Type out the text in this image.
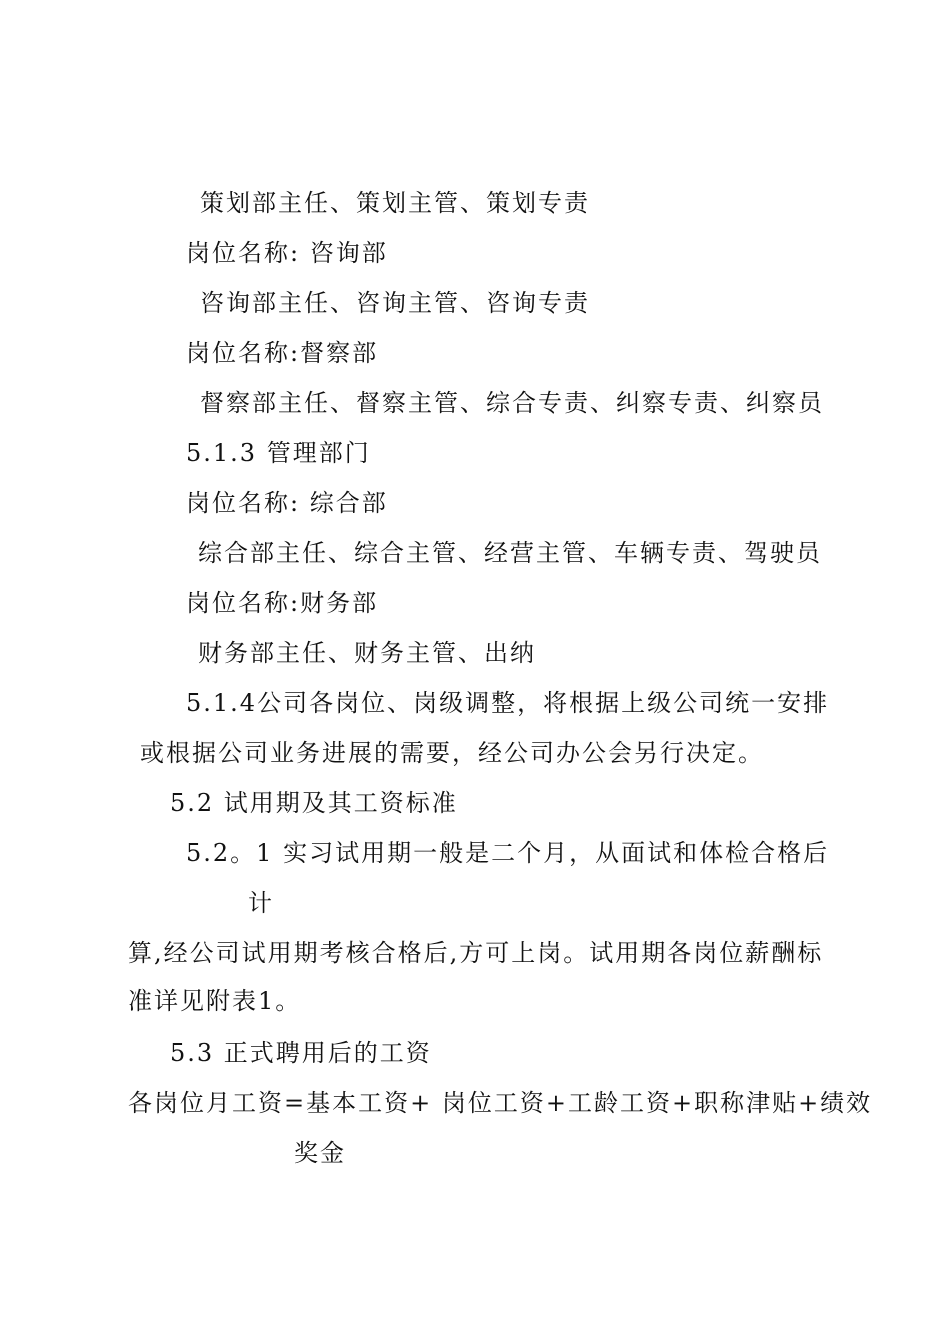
策划部主任、策划主管、策划专责
岗位名称: 咨询部
咨询部主任、咨询主管、咨询专责
岗位名称:督察部
督察部主任、督察主管、综合专责、纠察专责、纠察员
5.1.3 管理部门
岗位名称: 综合部
综合部主任、综合主管、经营主管、车辆专责、驾驶员
岗位名称:财务部
财务部主任、财务主管、出纳
5.1.4公司各岗位、岗级调整，将根据上级公司统一安排
或根据公司业务进展的需要，经公司办公会另行决定。
5.2 试用期及其工资标准
5.2。1 实习试用期一般是二个月，从面试和体检合格后
计
算,经公司试用期考核合格后,方可上岗。试用期各岗位薪酬标
准详见附表1。
5.3 正式聘用后的工资
各岗位月工资=基本工资+ 岗位工资+工龄工资+职称津贴+绩效
奖金
